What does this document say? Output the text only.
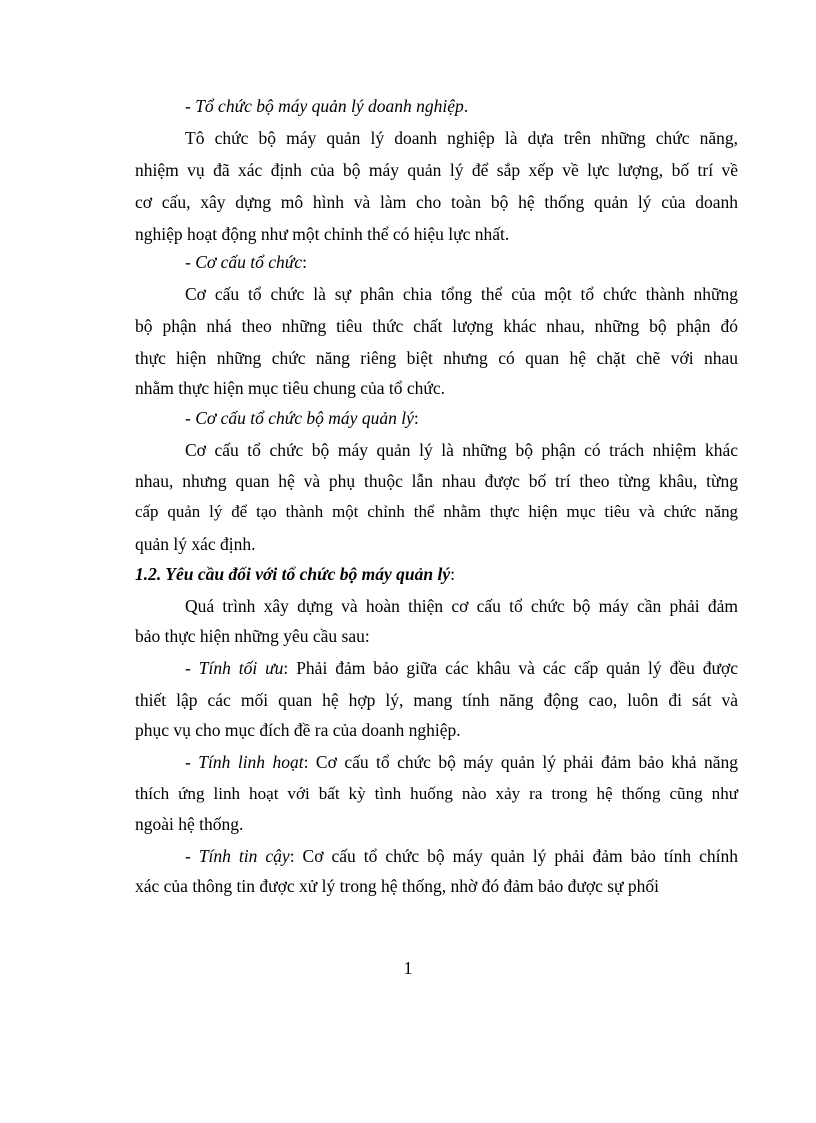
- Tổ chức bộ máy quản lý doanh nghiệp.
Tô chức bộ máy quản lý doanh nghiệp là dựa trên những chức năng,
nhiệm vụ đã xác định của bộ máy quản lý để sắp xếp về lực lượng, bố trí về
cơ cấu, xây dựng mô hình và làm cho toàn bộ hệ thống quản lý của doanh
nghiệp hoạt động như một chỉnh thể có hiệu lực nhất.
- Cơ cấu tổ chức:
Cơ cấu tổ chức là sự phân chia tổng thể của một tổ chức thành những
bộ phận nhá theo những tiêu thức chất lượng khác nhau, những bộ phận đó
thực hiện những chức năng riêng biệt nhưng có quan hệ chặt chẽ với nhau
nhằm thực hiện mục tiêu chung của tổ chức.
- Cơ cấu tổ chức bộ máy quản lý:
Cơ cấu tổ chức bộ máy quản lý là những bộ phận có trách nhiệm khác
nhau, nhưng quan hệ và phụ thuộc lẫn nhau được bố trí theo từng khâu, từng
cấp quản lý để tạo thành một chỉnh thể nhằm thực hiện mục tiêu và chức năng
quản lý xác định.
1.2. Yêu cầu đối với tổ chức bộ máy quản lý:
Quá trình xây dựng và hoàn thiện cơ cấu tổ chức bộ máy cần phải đảm
bảo thực hiện những yêu cầu sau:
- Tính tối ưu: Phải đảm bảo giữa các khâu và các cấp quản lý đều được
thiết lập các mối quan hệ hợp lý, mang tính năng động cao, luôn đi sát và
phục vụ cho mục đích đề ra của doanh nghiệp.
- Tính linh hoạt: Cơ cấu tổ chức bộ máy quản lý phải đảm bảo khả năng
thích ứng linh hoạt với bất kỳ tình huống nào xảy ra trong hệ thống cũng như
ngoài hệ thống.
- Tính tin cậy: Cơ cấu tổ chức bộ máy quản lý phải đảm bảo tính chính
xác của thông tin được xử lý trong hệ thống, nhờ đó đảm bảo được sự phối
1
